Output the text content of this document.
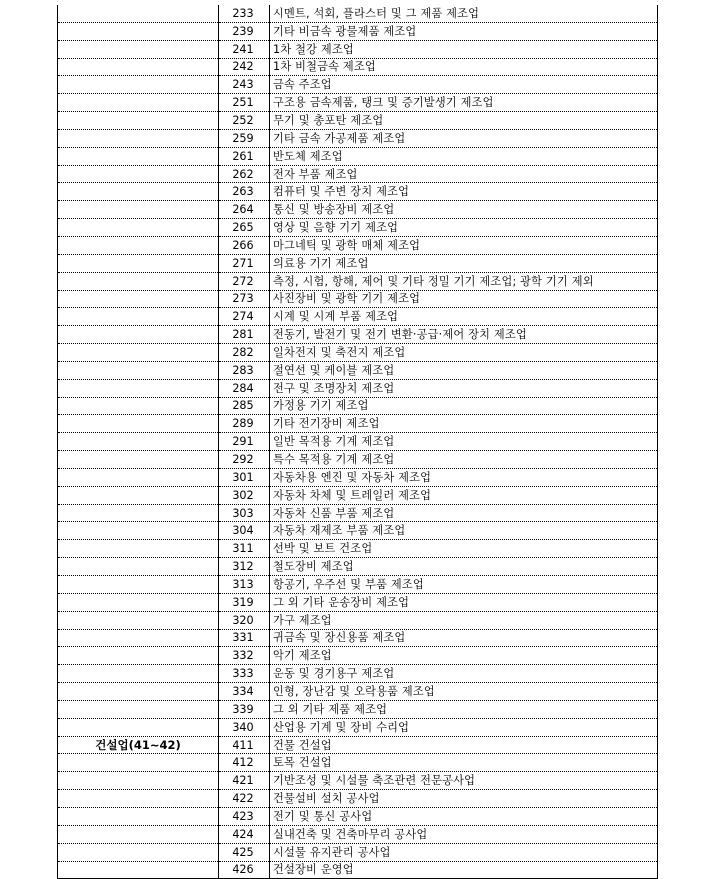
	233	시멘트, 석회, 플라스터 및 그 제품 제조업
	239	기타 비금속 광물제품 제조업
	241	1차 철강 제조업
	242	1차 비철금속 제조업
	243	금속 주조업
	251	구조용 금속제품, 탱크 및 증기발생기 제조업
	252	무기 및 총포탄 제조업
	259	기타 금속 가공제품 제조업
	261	반도체 제조업
	262	전자 부품 제조업
	263	컴퓨터 및 주변 장치 제조업
	264	통신 및 방송장비 제조업
	265	영상 및 음향 기기 제조업
	266	마그네틱 및 광학 매체 제조업
	271	의료용 기기 제조업
	272	측정, 시험, 항해, 제어 및 기타 정밀 기기 제조업; 광학 기기 제외
	273	사진장비 및 광학 기기 제조업
	274	시계 및 시계 부품 제조업
	281	전동기, 발전기 및 전기 변환·공급·제어 장치 제조업
	282	일차전지 및 축전지 제조업
	283	절연선 및 케이블 제조업
	284	전구 및 조명장치 제조업
	285	가정용 기기 제조업
	289	기타 전기장비 제조업
	291	일반 목적용 기계 제조업
	292	특수 목적용 기계 제조업
	301	자동차용 엔진 및 자동차 제조업
	302	자동차 차체 및 트레일러 제조업
	303	자동차 신품 부품 제조업
	304	자동차 재제조 부품 제조업
	311	선박 및 보트 건조업
	312	철도장비 제조업
	313	항공기, 우주선 및 부품 제조업
	319	그 외 기타 운송장비 제조업
	320	가구 제조업
	331	귀금속 및 장신용품 제조업
	332	악기 제조업
	333	운동 및 경기용구 제조업
	334	인형, 장난감 및 오락용품 제조업
	339	그 외 기타 제품 제조업
	340	산업용 기계 및 장비 수리업
건설업(41~42)	411	건물 건설업
	412	토목 건설업
	421	기반조성 및 시설물 축조관련 전문공사업
	422	건물설비 설치 공사업
	423	전기 및 통신 공사업
	424	실내건축 및 건축마무리 공사업
	425	시설물 유지관리 공사업
	426	건설장비 운영업
